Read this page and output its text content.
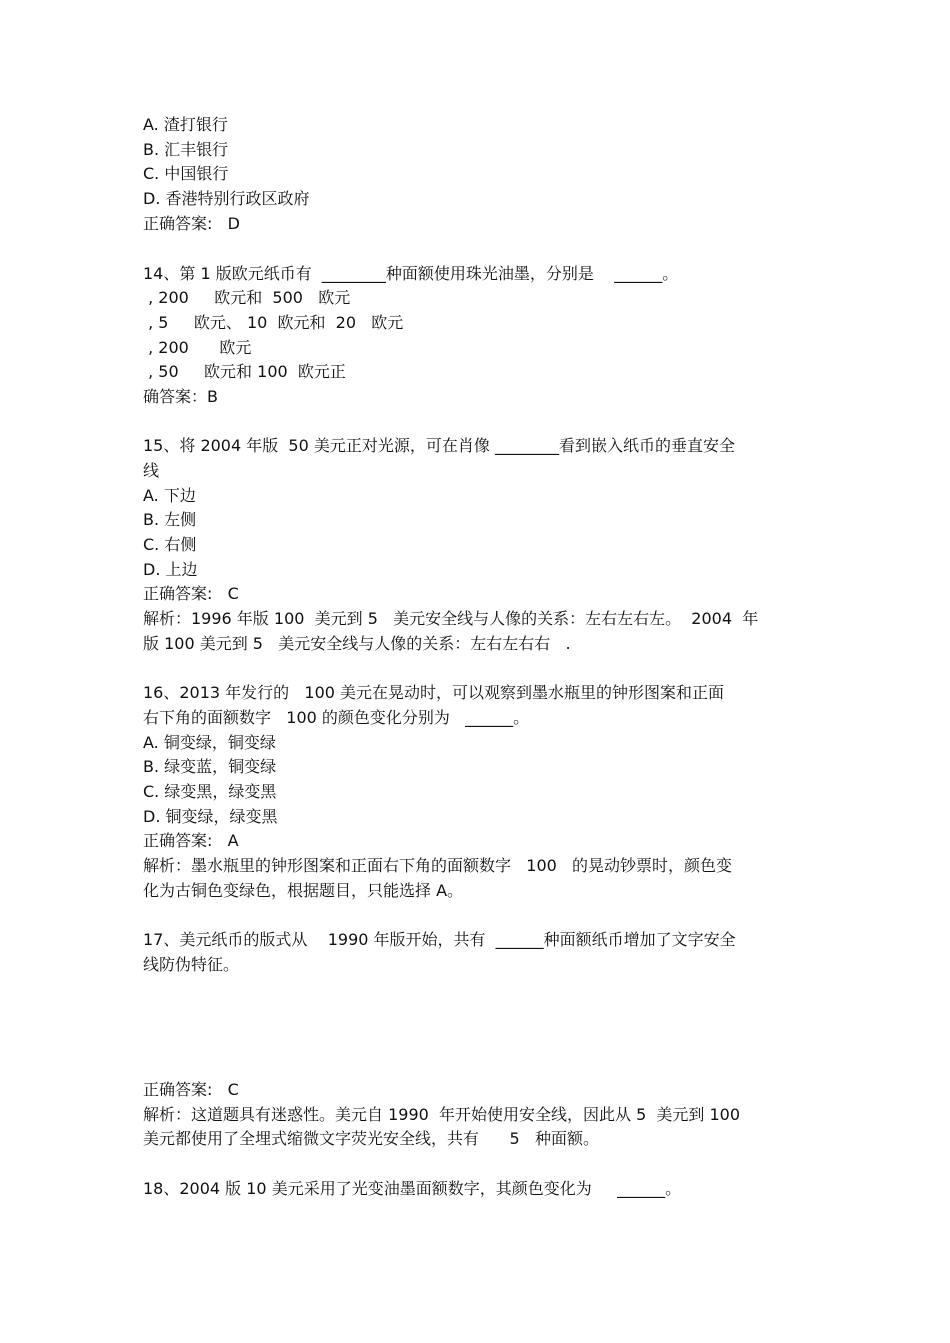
A. 渣打银行
B. 汇丰银行
C. 中国银行
D. 香港特别行政区政府
正确答案:   D
14、第 1 版欧元纸币有  ________种面额使用珠光油墨，分别是    ______。
, 200     欧元和  500   欧元
, 5     欧元、 10  欧元和  20   欧元
, 200      欧元
, 50     欧元和 100  欧元正
确答案：B
15、将 2004 年版  50 美元正对光源，可在肖像 ________看到嵌入纸币的垂直安全
线
A. 下边
B. 左侧
C. 右侧
D. 上边
正确答案:   C
解析：1996 年版 100  美元到 5   美元安全线与人像的关系：左右左右左。  2004  年
版 100 美元到 5   美元安全线与人像的关系：左右左右右   .
16、2013 年发行的   100 美元在晃动时，可以观察到墨水瓶里的钟形图案和正面
右下角的面额数字   100 的颜色变化分别为   ______。
A. 铜变绿，铜变绿
B. 绿变蓝，铜变绿
C. 绿变黑，绿变黑
D. 铜变绿，绿变黑
正确答案:   A
解析：墨水瓶里的钟形图案和正面右下角的面额数字   100   的晃动钞票时，颜色变
化为古铜色变绿色，根据题目，只能选择 A。
17、美元纸币的版式从    1990 年版开始，共有  ______种面额纸币增加了文字安全
线防伪特征。
正确答案:   C
解析：这道题具有迷惑性。美元自 1990  年开始使用安全线，因此从 5  美元到 100
美元都使用了全埋式缩微文字荧光安全线，共有      5   种面额。
18、2004 版 10 美元采用了光变油墨面额数字，其颜色变化为     ______。
